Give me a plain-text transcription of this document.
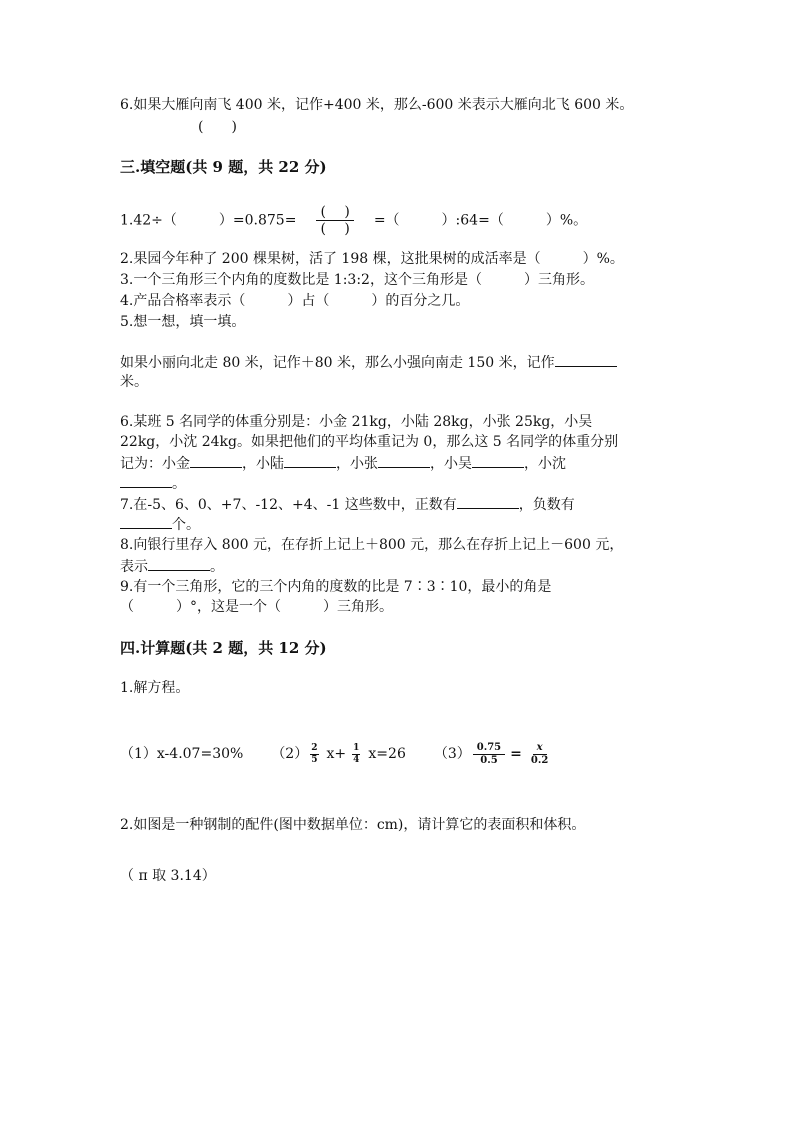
6.如果大雁向南飞 400 米，记作+400 米，那么-600 米表示大雁向北飞 600 米。
(　　)
三.填空题(共 9 题，共 22 分)
1.42÷（　　　）$=0.875= \frac{( )}{( )}$ =（　　　）:64=（　　　）%。
2.果园今年种了 200 棵果树，活了 198 棵，这批果树的成活率是（　　　）%。
3.一个三角形三个内角的度数比是 1:3:2，这个三角形是（　　　）三角形。
4.产品合格率表示（　　　）占（　　　）的百分之几。
5.想一想，填一填。
如果小丽向北走 80 米，记作＋80 米，那么小强向南走 150 米，记作
米。
6.某班 5 名同学的体重分别是：小金 21kg，小陆 28kg，小张 25kg，小吴
22kg，小沈 24kg。如果把他们的平均体重记为 0，那么这 5 名同学的体重分别
记为：小金	，小陆	，小张	，小吴	，小沈
。
7.在-5、6、0、+7、-12、+4、-1 这些数中，正数有	，负数有
个。
8.向银行里存入 800 元，在存折上记上＋800 元，那么在存折上记上－600 元，
表示	。
9.有一个三角形，它的三个内角的度数的比是 7∶3∶10，最小的角是
（　　　）°，这是一个（　　　）三角形。
四.计算题(共 2 题，共 12 分)
1.解方程。
（1）x-4.07=30% $(2) \frac{2}{5} x+ \frac{1}{4} x=26$ $(3) \frac{0.75}{0.5} = \frac{x}{0.2}$
2.如图是一种钢制的配件(图中数据单位：cm)，请计算它的表面积和体积。
（ π 取 3.14）
